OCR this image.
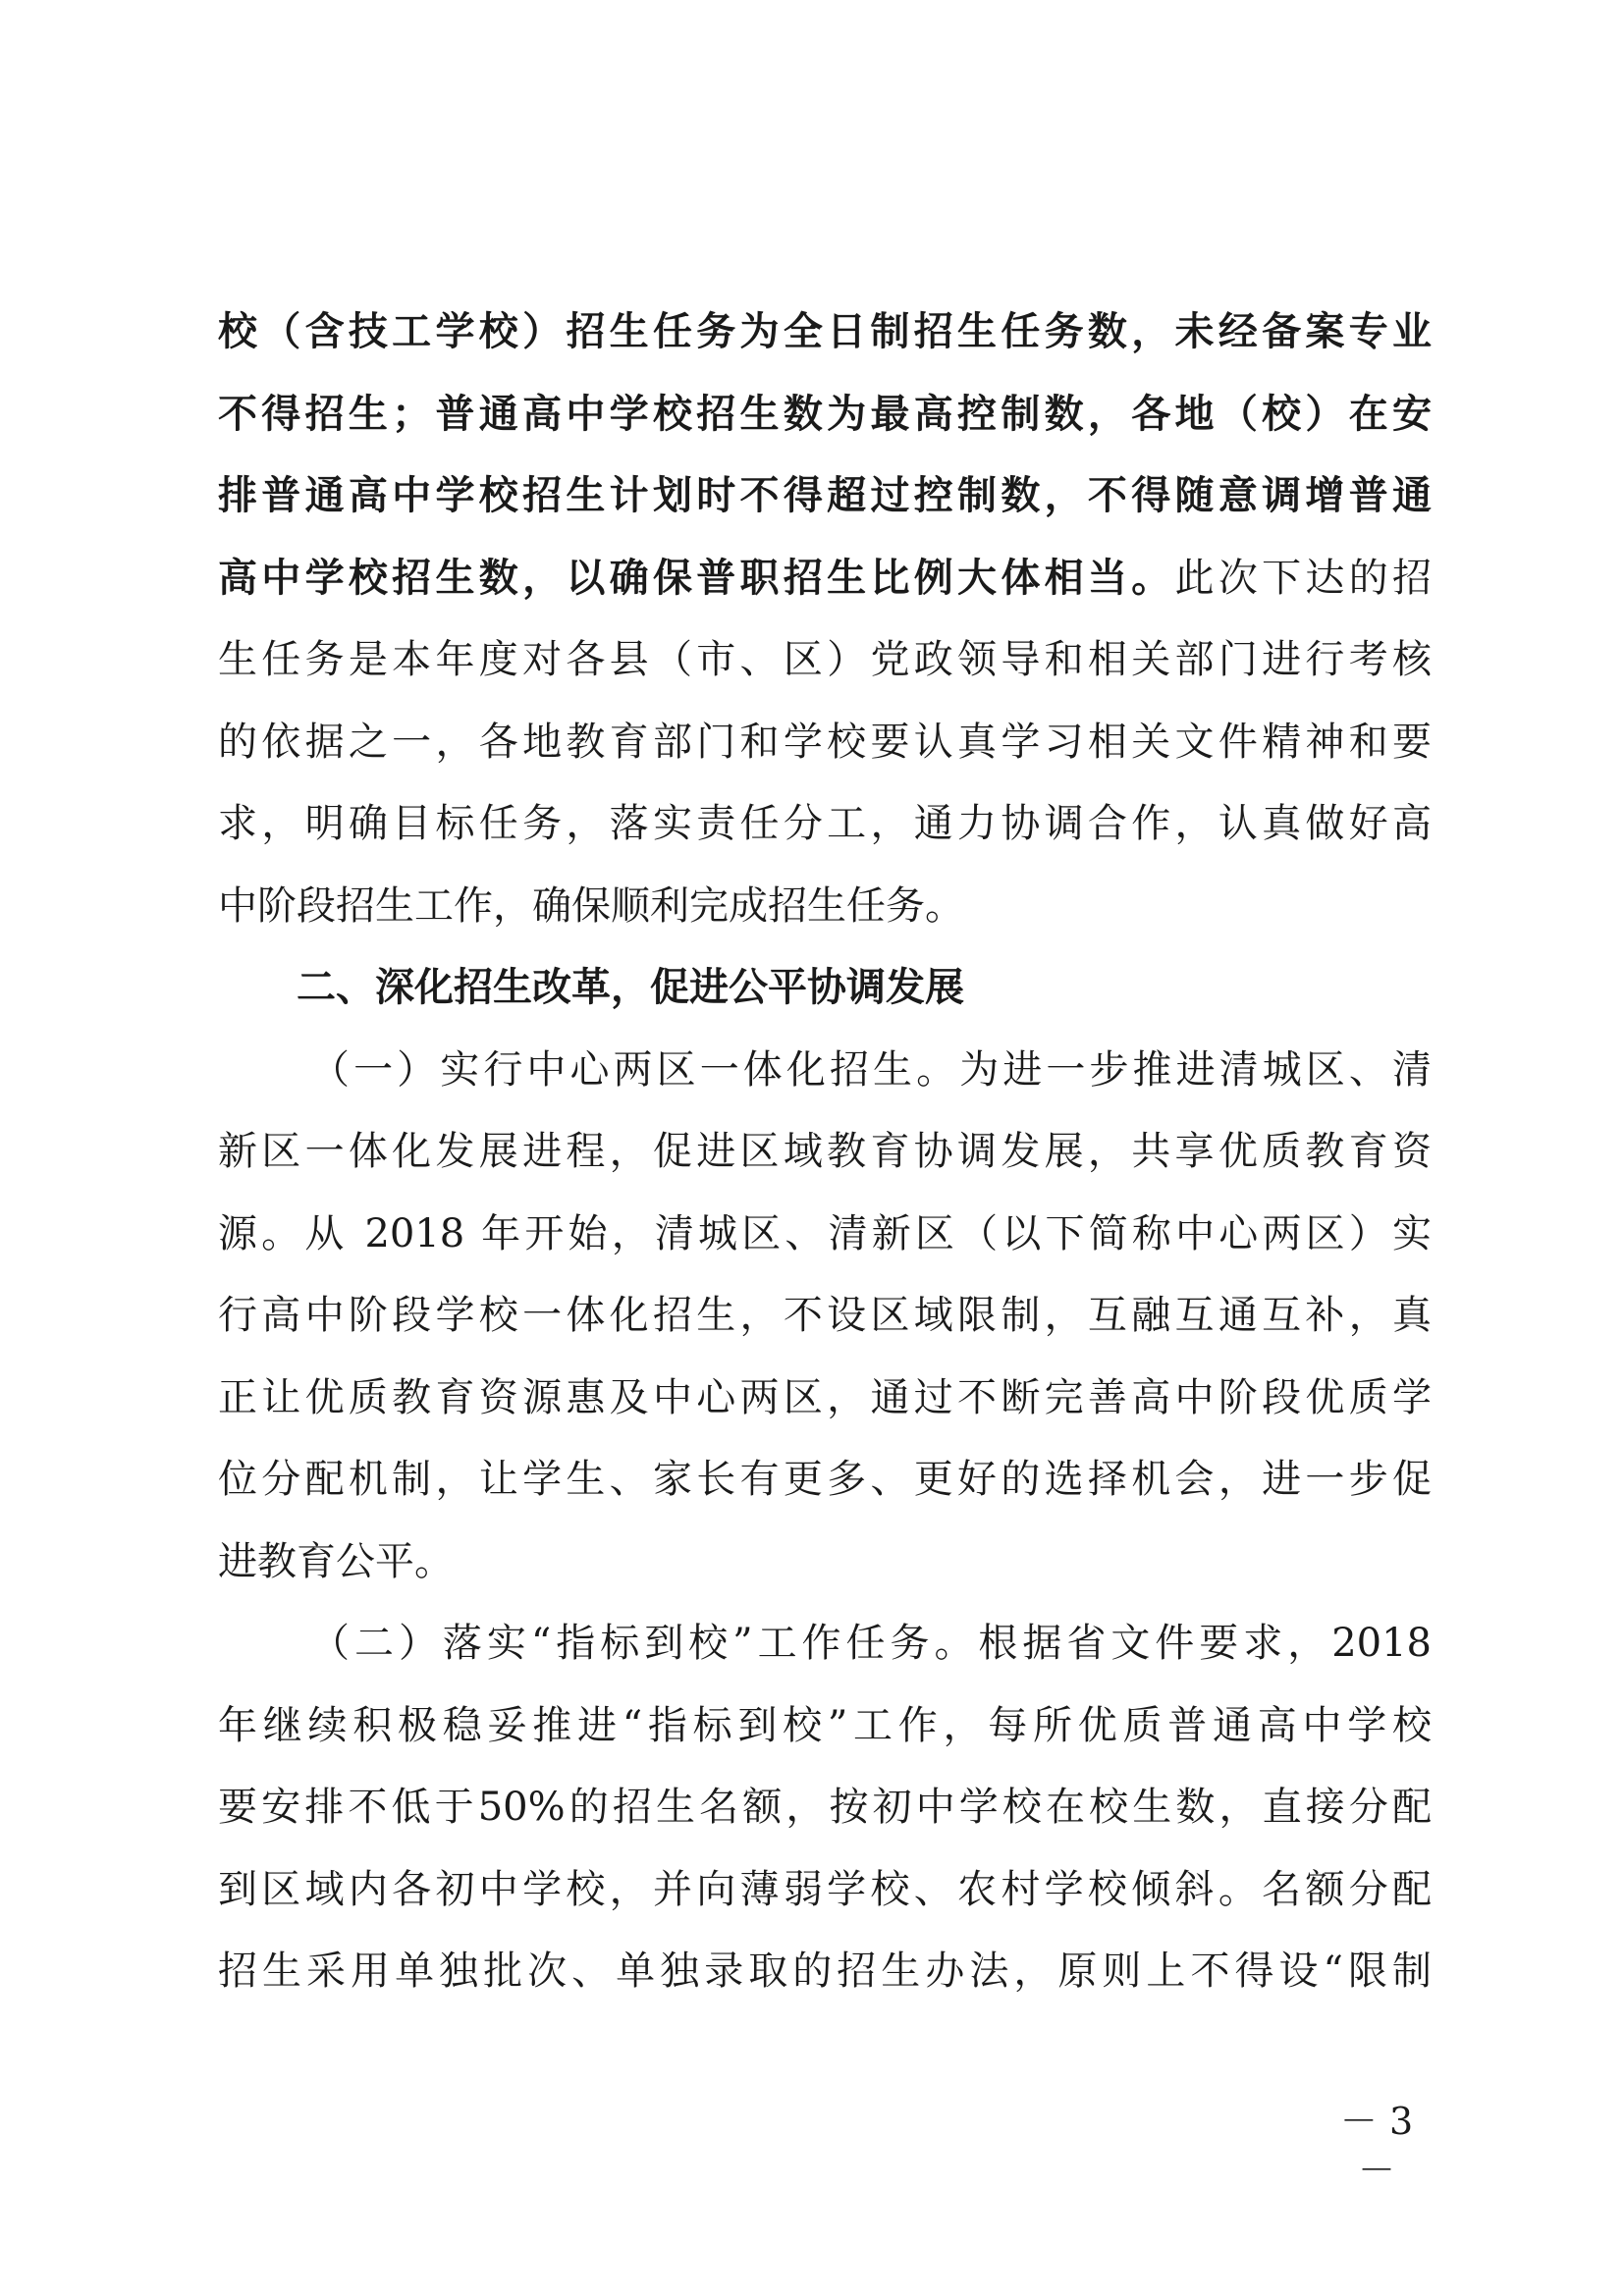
校（含技工学校）招生任务为全日制招生任务数，未经备案专业
不得招生；普通高中学校招生数为最高控制数，各地（校）在安
排普通高中学校招生计划时不得超过控制数，不得随意调增普通
高中学校招生数，以确保普职招生比例大体相当。此次下达的招
生任务是本年度对各县（市、区）党政领导和相关部门进行考核
的依据之一，各地教育部门和学校要认真学习相关文件精神和要
求，明确目标任务，落实责任分工，通力协调合作，认真做好高
中阶段招生工作，确保顺利完成招生任务。
二、深化招生改革，促进公平协调发展
（一）实行中心两区一体化招生。为进一步推进清城区、清
新区一体化发展进程，促进区域教育协调发展，共享优质教育资
源。从 2018 年开始，清城区、清新区（以下简称中心两区）实
行高中阶段学校一体化招生，不设区域限制，互融互通互补，真
正让优质教育资源惠及中心两区，通过不断完善高中阶段优质学
位分配机制，让学生、家长有更多、更好的选择机会，进一步促
进教育公平。
（二）落实“指标到校”工作任务。根据省文件要求，2018
年继续积极稳妥推进“指标到校”工作，每所优质普通高中学校
要安排不低于50%的招生名额，按初中学校在校生数，直接分配
到区域内各初中学校，并向薄弱学校、农村学校倾斜。名额分配
招生采用单独批次、单独录取的招生办法，原则上不得设“限制
－ 3 －
